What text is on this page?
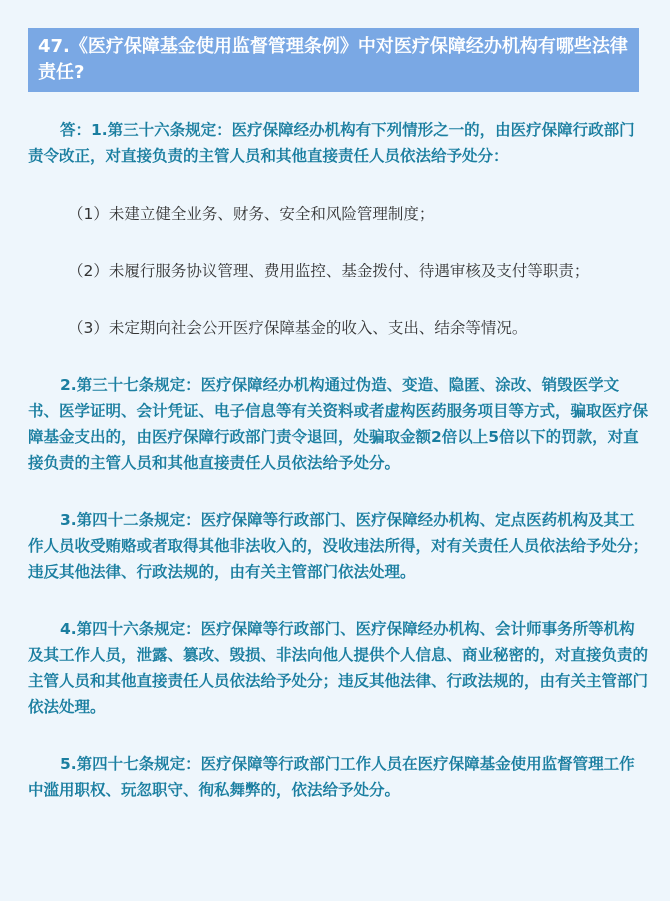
47.《医疗保障基金使用监督管理条例》中对医疗保障经办机构有哪些法律责任?

答：1.第三十六条规定：医疗保障经办机构有下列情形之一的，由医疗保障行政部门责令改正，对直接负责的主管人员和其他直接责任人员依法给予处分：

（1）未建立健全业务、财务、安全和风险管理制度；

（2）未履行服务协议管理、费用监控、基金拨付、待遇审核及支付等职责；

（3）未定期向社会公开医疗保障基金的收入、支出、结余等情况。

2.第三十七条规定：医疗保障经办机构通过伪造、变造、隐匿、涂改、销毁医学文书、医学证明、会计凭证、电子信息等有关资料或者虚构医药服务项目等方式，骗取医疗保障基金支出的，由医疗保障行政部门责令退回，处骗取金额2倍以上5倍以下的罚款，对直接负责的主管人员和其他直接责任人员依法给予处分。

3.第四十二条规定：医疗保障等行政部门、医疗保障经办机构、定点医药机构及其工作人员收受贿赂或者取得其他非法收入的，没收违法所得，对有关责任人员依法给予处分；违反其他法律、行政法规的，由有关主管部门依法处理。

4.第四十六条规定：医疗保障等行政部门、医疗保障经办机构、会计师事务所等机构及其工作人员，泄露、篡改、毁损、非法向他人提供个人信息、商业秘密的，对直接负责的主管人员和其他直接责任人员依法给予处分；违反其他法律、行政法规的，由有关主管部门依法处理。

5.第四十七条规定：医疗保障等行政部门工作人员在医疗保障基金使用监督管理工作中滥用职权、玩忽职守、徇私舞弊的，依法给予处分。
